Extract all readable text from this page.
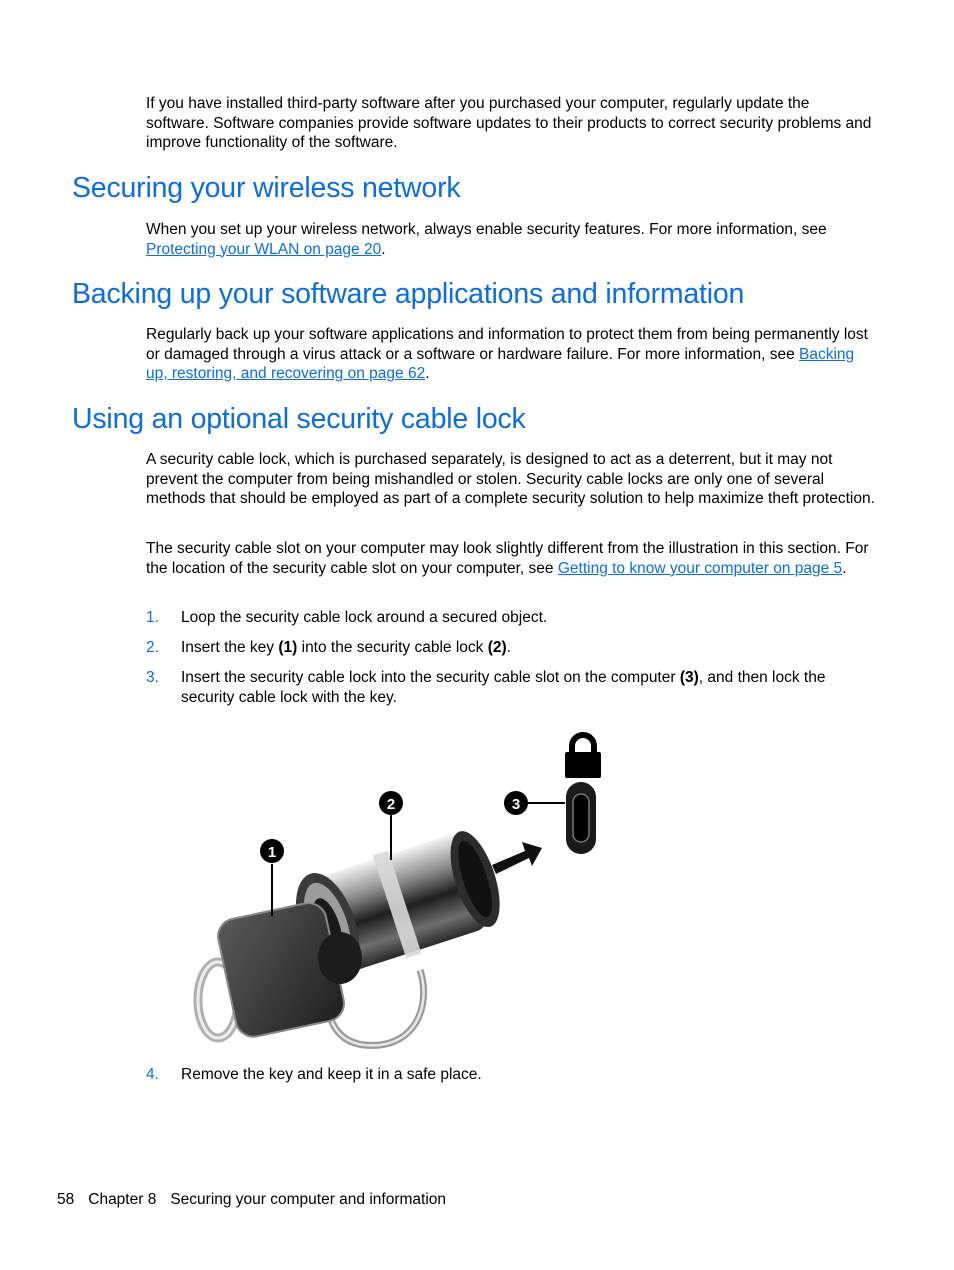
If you have installed third-party software after you purchased your computer, regularly update the software. Software companies provide software updates to their products to correct security problems and improve functionality of the software.

Securing your wireless network

When you set up your wireless network, always enable security features. For more information, see Protecting your WLAN on page 20.

Backing up your software applications and information

Regularly back up your software applications and information to protect them from being permanently lost or damaged through a virus attack or a software or hardware failure. For more information, see Backing up, restoring, and recovering on page 62.

Using an optional security cable lock

A security cable lock, which is purchased separately, is designed to act as a deterrent, but it may not prevent the computer from being mishandled or stolen. Security cable locks are only one of several methods that should be employed as part of a complete security solution to help maximize theft protection.

The security cable slot on your computer may look slightly different from the illustration in this section. For the location of the security cable slot on your computer, see Getting to know your computer on page 5.

1. Loop the security cable lock around a secured object.
2. Insert the key (1) into the security cable lock (2).
3. Insert the security cable lock into the security cable slot on the computer (3), and then lock the security cable lock with the key.
1
2	3
4. Remove the key and keep it in a safe place.
58 Chapter 8 Securing your computer and information
